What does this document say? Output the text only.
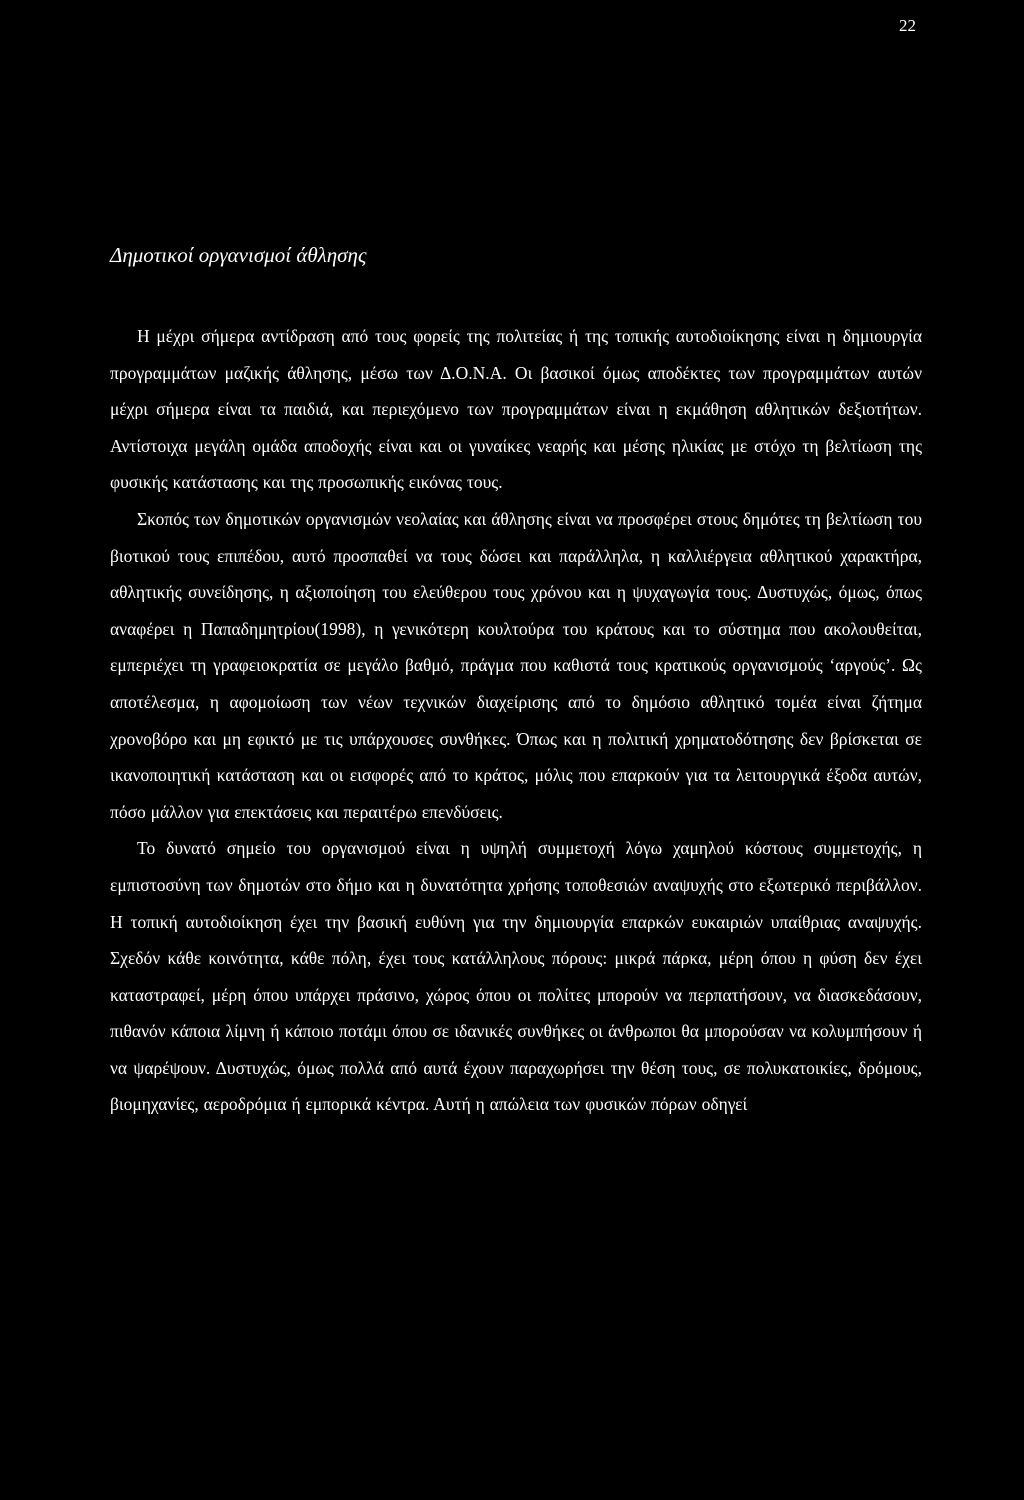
22
Δημοτικοί οργανισμοί άθλησης

Η μέχρι σήμερα αντίδραση από τους φορείς της πολιτείας ή της τοπικής αυτοδιοίκησης είναι η δημιουργία προγραμμάτων μαζικής άθλησης, μέσω των Δ.Ο.Ν.Α. Οι βασικοί όμως αποδέκτες των προγραμμάτων αυτών μέχρι σήμερα είναι τα παιδιά, και περιεχόμενο των προγραμμάτων είναι η εκμάθηση αθλητικών δεξιοτήτων. Αντίστοιχα μεγάλη ομάδα αποδοχής είναι και οι γυναίκες νεαρής και μέσης ηλικίας με στόχο τη βελτίωση της φυσικής κατάστασης και της προσωπικής εικόνας τους.

Σκοπός των δημοτικών οργανισμών νεολαίας και άθλησης είναι να προσφέρει στους δημότες τη βελτίωση του βιοτικού τους επιπέδου, αυτό προσπαθεί να τους δώσει και παράλληλα, η καλλιέργεια αθλητικού χαρακτήρα, αθλητικής συνείδησης, η αξιοποίηση του ελεύθερου τους χρόνου και η ψυχαγωγία τους. Δυστυχώς, όμως, όπως αναφέρει η Παπαδημητρίου(1998), η γενικότερη κουλτούρα του κράτους και το σύστημα που ακολουθείται, εμπεριέχει τη γραφειοκρατία σε μεγάλο βαθμό, πράγμα που καθιστά τους κρατικούς οργανισμούς ‘αργούς’. Ως αποτέλεσμα, η αφομοίωση των νέων τεχνικών διαχείρισης από το δημόσιο αθλητικό τομέα είναι ζήτημα χρονοβόρο και μη εφικτό με τις υπάρχουσες συνθήκες. Όπως και η πολιτική χρηματοδότησης δεν βρίσκεται σε ικανοποιητική κατάσταση και οι εισφορές από το κράτος, μόλις που επαρκούν για τα λειτουργικά έξοδα αυτών, πόσο μάλλον για επεκτάσεις και περαιτέρω επενδύσεις.

Το δυνατό σημείο του οργανισμού είναι η υψηλή συμμετοχή λόγω χαμηλού κόστους συμμετοχής, η εμπιστοσύνη των δημοτών στο δήμο και η δυνατότητα χρήσης τοποθεσιών αναψυχής στο εξωτερικό περιβάλλον. Η τοπική αυτοδιοίκηση έχει την βασική ευθύνη για την δημιουργία επαρκών ευκαιριών υπαίθριας αναψυχής. Σχεδόν κάθε κοινότητα, κάθε πόλη, έχει τους κατάλληλους πόρους: μικρά πάρκα, μέρη όπου η φύση δεν έχει καταστραφεί, μέρη όπου υπάρχει πράσινο, χώρος όπου οι πολίτες μπορούν να περπατήσουν, να διασκεδάσουν, πιθανόν κάποια λίμνη ή κάποιο ποτάμι όπου σε ιδανικές συνθήκες οι άνθρωποι θα μπορούσαν να κολυμπήσουν ή να ψαρέψουν. Δυστυχώς, όμως πολλά από αυτά έχουν παραχωρήσει την θέση τους, σε πολυκατοικίες, δρόμους, βιομηχανίες, αεροδρόμια ή εμπορικά κέντρα. Αυτή η απώλεια των φυσικών πόρων οδηγεί
